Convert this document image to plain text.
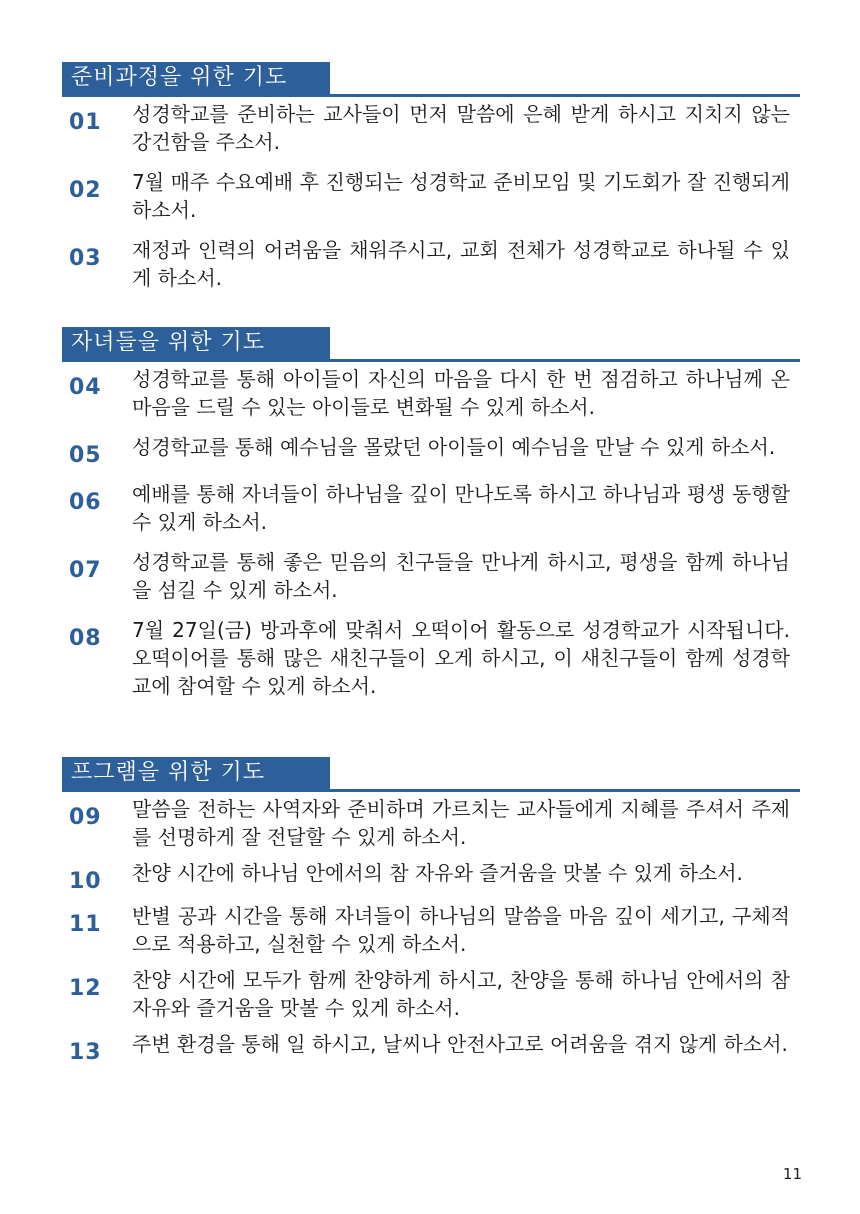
준비과정을 위한 기도
01	성경학교를 준비하는 교사들이 먼저 말씀에 은혜 받게 하시고 지치지 않는 강건함을 주소서.
02	7월 매주 수요예배 후 진행되는 성경학교 준비모임 및 기도회가 잘 진행되게 하소서.
03	재정과 인력의 어려움을 채워주시고, 교회 전체가 성경학교로 하나될 수 있게 하소서.
자녀들을 위한 기도
04	성경학교를 통해 아이들이 자신의 마음을 다시 한 번 점검하고 하나님께 온 마음을 드릴 수 있는 아이들로 변화될 수 있게 하소서.
05	성경학교를 통해 예수님을 몰랐던 아이들이 예수님을 만날 수 있게 하소서.
06	예배를 통해 자녀들이 하나님을 깊이 만나도록 하시고 하나님과 평생 동행할 수 있게 하소서.
07	성경학교를 통해 좋은 믿음의 친구들을 만나게 하시고, 평생을 함께 하나님을 섬길 수 있게 하소서.
08	7월 27일(금) 방과후에 맞춰서 오떡이어 활동으로 성경학교가 시작됩니다. 오떡이어를 통해 많은 새친구들이 오게 하시고, 이 새친구들이 함께 성경학교에 참여할 수 있게 하소서.
프그램을 위한 기도
09	말씀을 전하는 사역자와 준비하며 가르치는 교사들에게 지혜를 주셔서 주제를 선명하게 잘 전달할 수 있게 하소서.
10	찬양 시간에 하나님 안에서의 참 자유와 즐거움을 맛볼 수 있게 하소서.
11	반별 공과 시간을 통해 자녀들이 하나님의 말씀을 마음 깊이 세기고, 구체적으로 적용하고, 실천할 수 있게 하소서.
12	찬양 시간에 모두가 함께 찬양하게 하시고, 찬양을 통해 하나님 안에서의 참 자유와 즐거움을 맛볼 수 있게 하소서.
13	주변 환경을 통해 일 하시고, 날씨나 안전사고로 어려움을 겪지 않게 하소서.
11
